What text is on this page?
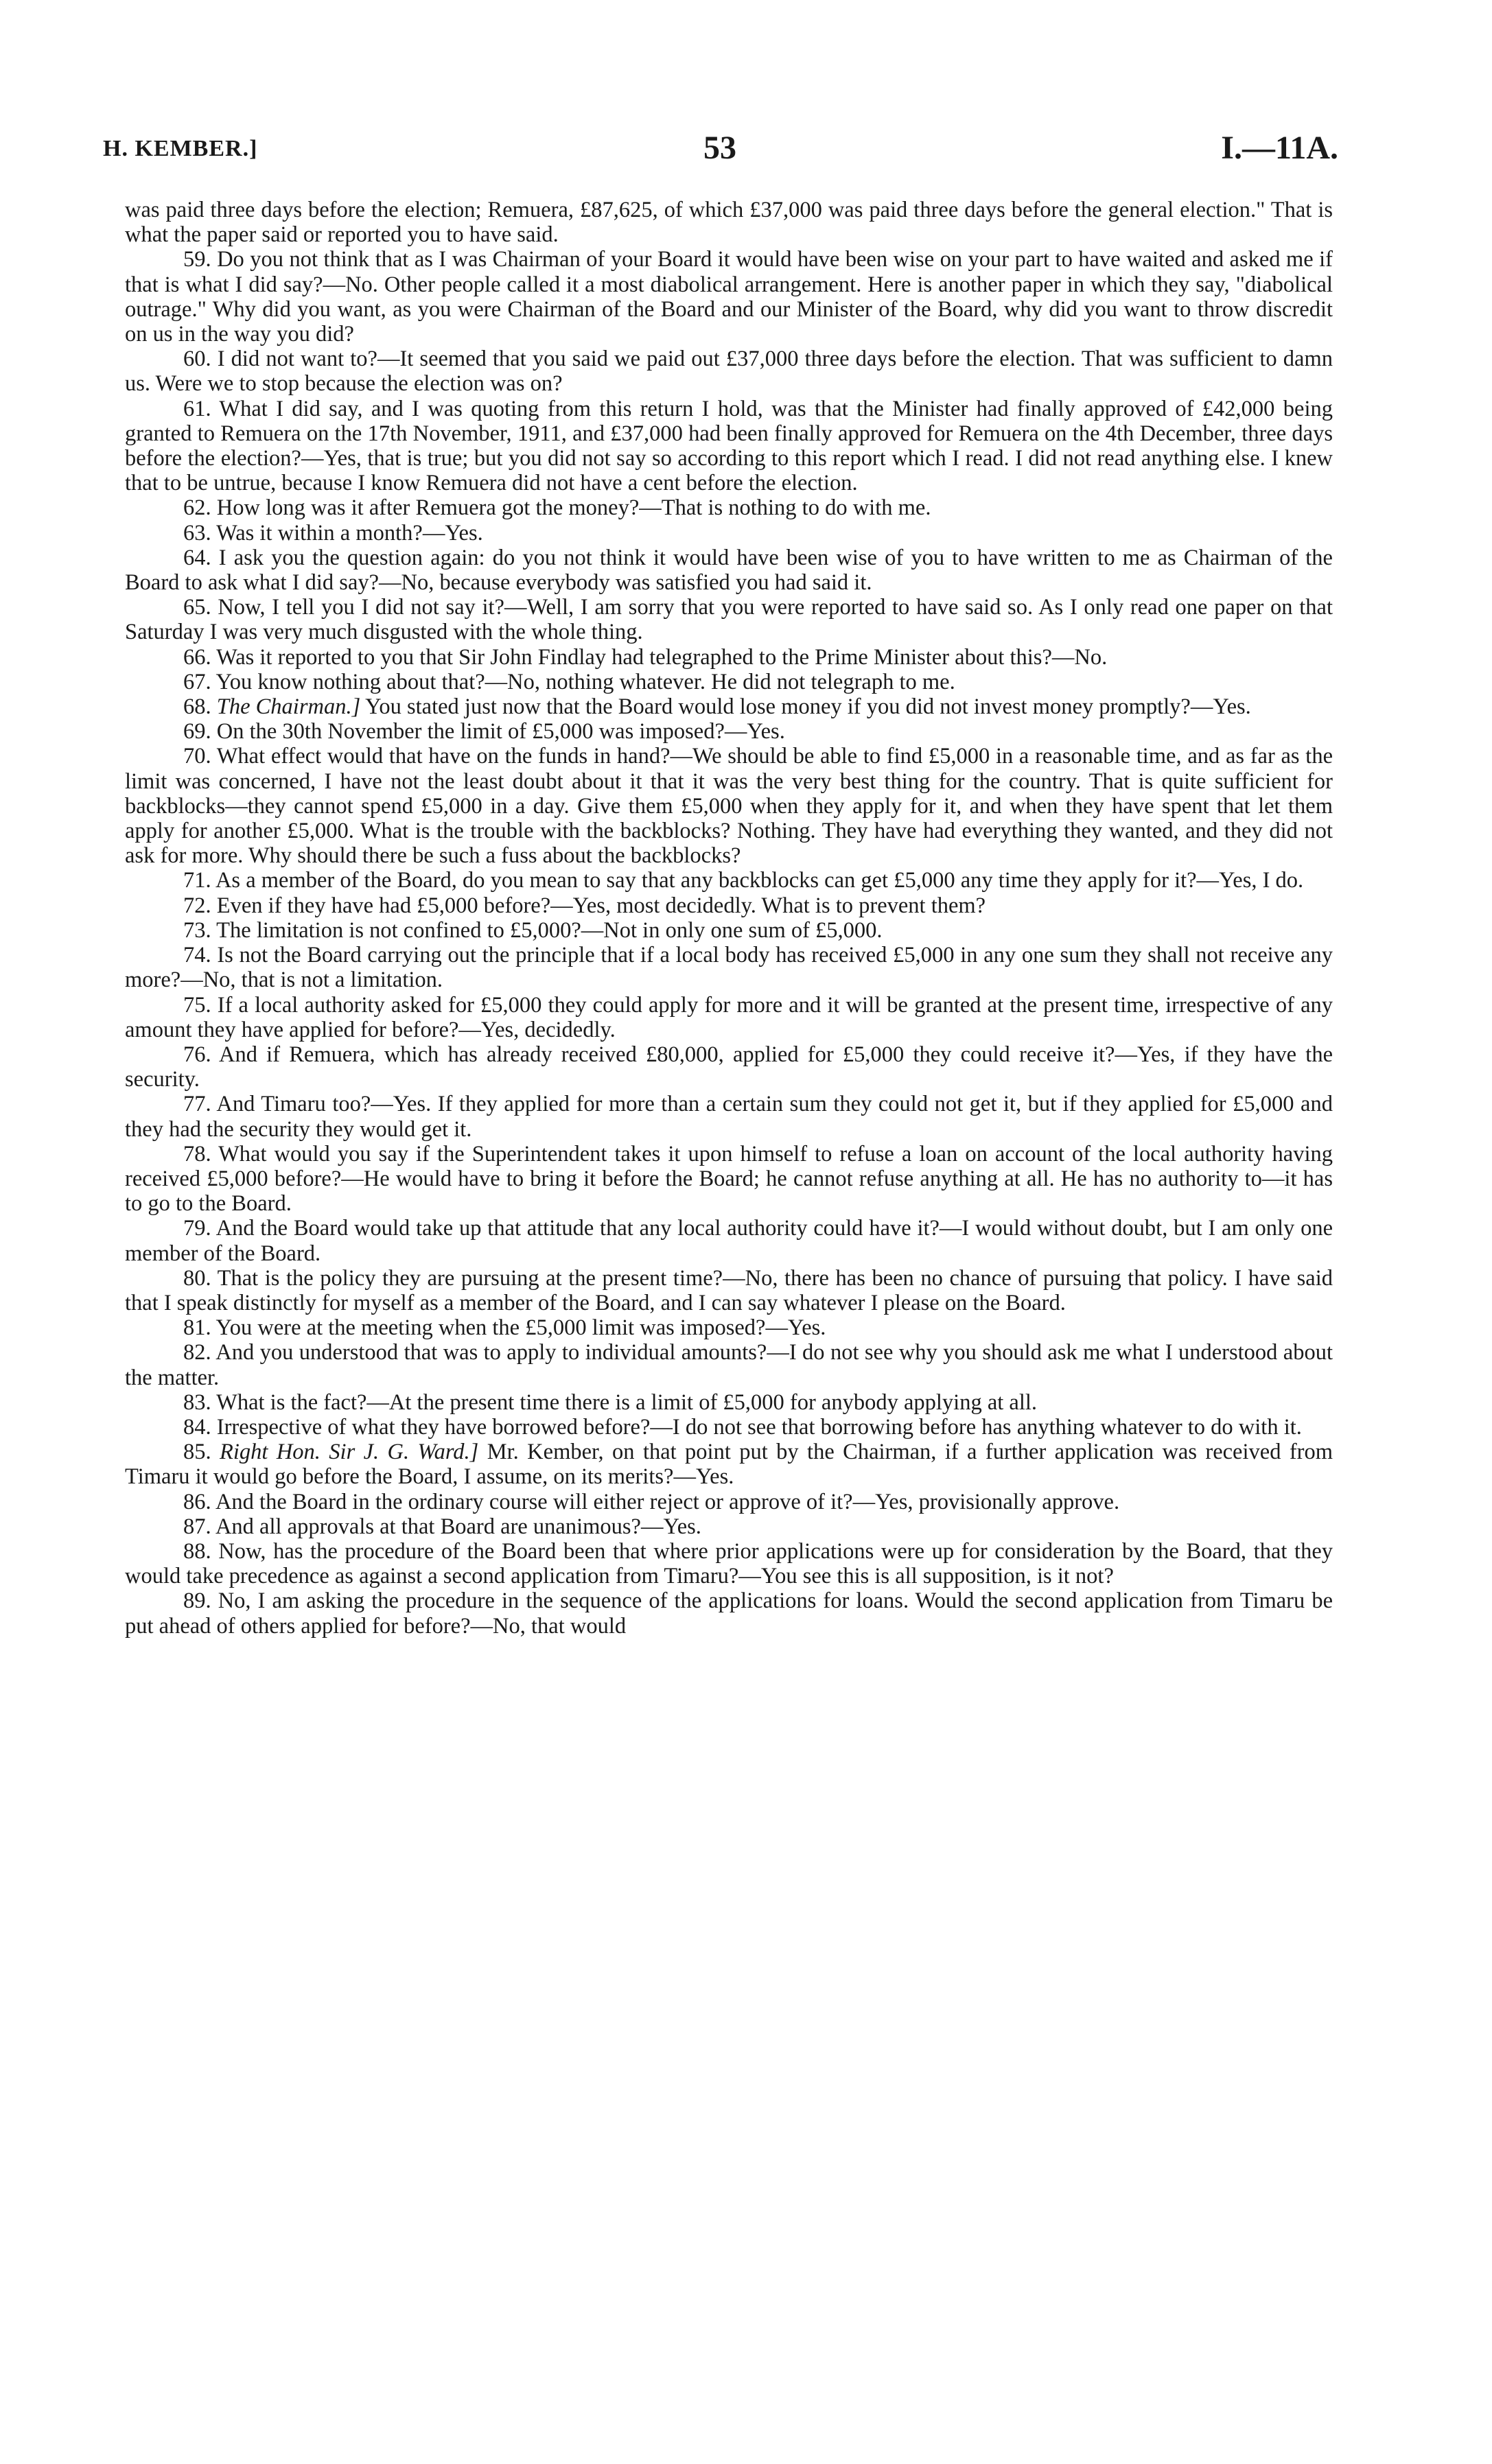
H. KEMBER.]	53	I.—11A.

was paid three days before the election; Remuera, £87,625, of which £37,000 was paid three days before the general election." That is what the paper said or reported you to have said.

59. Do you not think that as I was Chairman of your Board it would have been wise on your part to have waited and asked me if that is what I did say?—No. Other people called it a most diabolical arrangement. Here is another paper in which they say, "diabolical outrage." Why did you want, as you were Chairman of the Board and our Minister of the Board, why did you want to throw discredit on us in the way you did?

60. I did not want to?—It seemed that you said we paid out £37,000 three days before the election. That was sufficient to damn us. Were we to stop because the election was on?

61. What I did say, and I was quoting from this return I hold, was that the Minister had finally approved of £42,000 being granted to Remuera on the 17th November, 1911, and £37,000 had been finally approved for Remuera on the 4th December, three days before the election?—Yes, that is true; but you did not say so according to this report which I read. I did not read anything else. I knew that to be untrue, because I know Remuera did not have a cent before the election.

62. How long was it after Remuera got the money?—That is nothing to do with me.

63. Was it within a month?—Yes.

64. I ask you the question again: do you not think it would have been wise of you to have written to me as Chairman of the Board to ask what I did say?—No, because everybody was satisfied you had said it.

65. Now, I tell you I did not say it?—Well, I am sorry that you were reported to have said so. As I only read one paper on that Saturday I was very much disgusted with the whole thing.

66. Was it reported to you that Sir John Findlay had telegraphed to the Prime Minister about this?—No.

67. You know nothing about that?—No, nothing whatever. He did not telegraph to me.

68. The Chairman.] You stated just now that the Board would lose money if you did not invest money promptly?—Yes.

69. On the 30th November the limit of £5,000 was imposed?—Yes.

70. What effect would that have on the funds in hand?—We should be able to find £5,000 in a reasonable time, and as far as the limit was concerned, I have not the least doubt about it that it was the very best thing for the country. That is quite sufficient for backblocks—they cannot spend £5,000 in a day. Give them £5,000 when they apply for it, and when they have spent that let them apply for another £5,000. What is the trouble with the backblocks? Nothing. They have had everything they wanted, and they did not ask for more. Why should there be such a fuss about the backblocks?

71. As a member of the Board, do you mean to say that any backblocks can get £5,000 any time they apply for it?—Yes, I do.

72. Even if they have had £5,000 before?—Yes, most decidedly. What is to prevent them?

73. The limitation is not confined to £5,000?—Not in only one sum of £5,000.

74. Is not the Board carrying out the principle that if a local body has received £5,000 in any one sum they shall not receive any more?—No, that is not a limitation.

75. If a local authority asked for £5,000 they could apply for more and it will be granted at the present time, irrespective of any amount they have applied for before?—Yes, decidedly.

76. And if Remuera, which has already received £80,000, applied for £5,000 they could receive it?—Yes, if they have the security.

77. And Timaru too?—Yes. If they applied for more than a certain sum they could not get it, but if they applied for £5,000 and they had the security they would get it.

78. What would you say if the Superintendent takes it upon himself to refuse a loan on account of the local authority having received £5,000 before?—He would have to bring it before the Board; he cannot refuse anything at all. He has no authority to—it has to go to the Board.

79. And the Board would take up that attitude that any local authority could have it?—I would without doubt, but I am only one member of the Board.

80. That is the policy they are pursuing at the present time?—No, there has been no chance of pursuing that policy. I have said that I speak distinctly for myself as a member of the Board, and I can say whatever I please on the Board.

81. You were at the meeting when the £5,000 limit was imposed?—Yes.

82. And you understood that was to apply to individual amounts?—I do not see why you should ask me what I understood about the matter.

83. What is the fact?—At the present time there is a limit of £5,000 for anybody applying at all.

84. Irrespective of what they have borrowed before?—I do not see that borrowing before has anything whatever to do with it.

85. Right Hon. Sir J. G. Ward.] Mr. Kember, on that point put by the Chairman, if a further application was received from Timaru it would go before the Board, I assume, on its merits?—Yes.

86. And the Board in the ordinary course will either reject or approve of it?—Yes, provisionally approve.

87. And all approvals at that Board are unanimous?—Yes.

88. Now, has the procedure of the Board been that where prior applications were up for consideration by the Board, that they would take precedence as against a second application from Timaru?—You see this is all supposition, is it not?

89. No, I am asking the procedure in the sequence of the applications for loans. Would the second application from Timaru be put ahead of others applied for before?—No, that would
